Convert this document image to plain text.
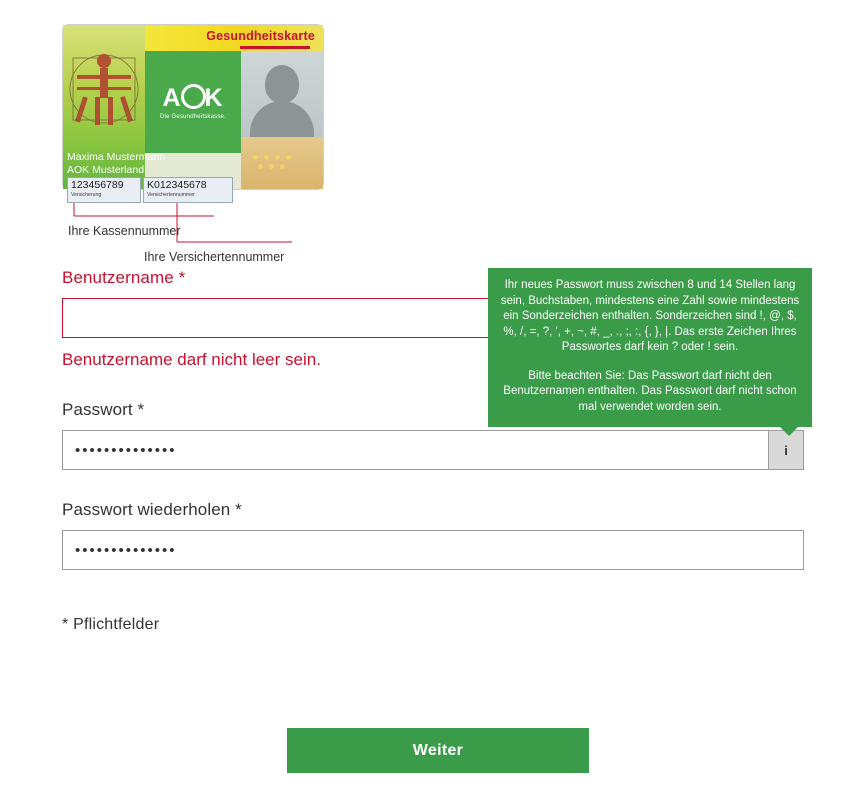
Gesundheitskarte
A K
Die Gesundheitskasse.
Maxima Mustermann
AOK Musterland
123456789
Versicherung
K012345678
Versichertennummer
Ihre Kassennummer
Ihre Versichertennummer
Benutzername *
Benutzername darf nicht leer sein.
Passwort *
••••••••••••••
i
Passwort wiederholen *
••••••••••••••
* Pflichtfelder

Ihr neues Passwort muss zwischen 8 und 14 Stellen lang sein, Buchstaben, mindestens eine Zahl sowie mindestens ein Sonderzeichen enthalten. Sonderzeichen sind !, @, $, %, /, =, ?, ', +, ~, #, _, ., ;, :, {, }, |. Das erste Zeichen Ihres Passwortes darf kein ? oder ! sein.

Bitte beachten Sie: Das Passwort darf nicht den Benutzernamen enthalten. Das Passwort darf nicht schon mal verwendet worden sein.

Weiter
